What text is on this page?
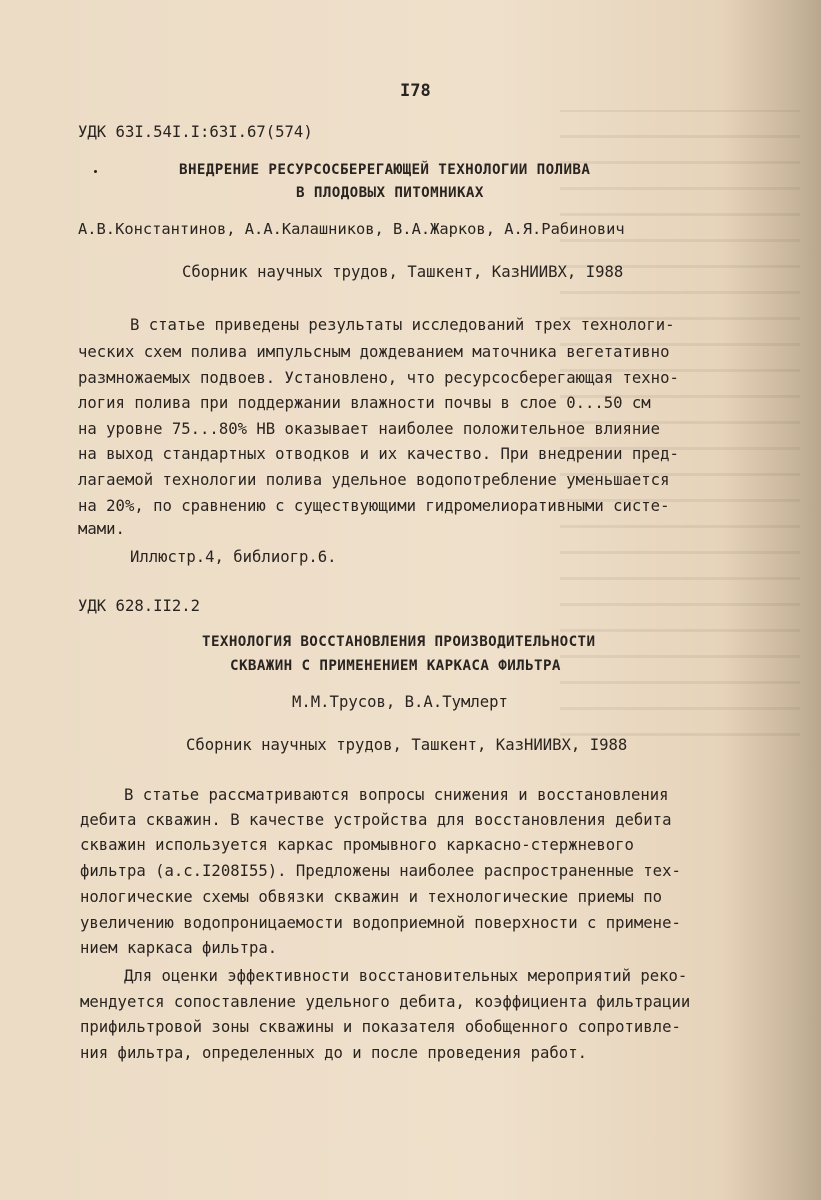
I78
УДК 63I.54I.I:63I.67(574)
ВНЕДРЕНИЕ РЕСУРСОСБЕРЕГАЮЩЕЙ ТЕХНОЛОГИИ ПОЛИВА
В ПЛОДОВЫХ ПИТОМНИКАХ
А.В.Константинов, А.А.Калашников, В.А.Жарков, А.Я.Рабинович
Сборник научных трудов, Ташкент, КазНИИВХ, I988
В статье приведены результаты исследований трех технологи-
ческих схем полива импульсным дождеванием маточника вегетативно
размножаемых подвоев. Установлено, что ресурсосберегающая техно-
логия полива при поддержании влажности почвы в слое 0...50 см
на уровне 75...80% НВ оказывает наиболее положительное влияние
на выход стандартных отводков и их качество. При внедрении пред-
лагаемой технологии полива удельное водопотребление уменьшается
на 20%, по сравнению с существующими гидромелиоративными систе-
мами.
Иллюстр.4, библиогр.6.
УДК 628.II2.2
ТЕХНОЛОГИЯ ВОССТАНОВЛЕНИЯ ПРОИЗВОДИТЕЛЬНОСТИ
СКВАЖИН С ПРИМЕНЕНИЕМ КАРКАСА ФИЛЬТРА
М.М.Трусов, В.А.Тумлерт
Сборник научных трудов, Ташкент, КазНИИВХ, I988
В статье рассматриваются вопросы снижения и восстановления
дебита скважин. В качестве устройства для восстановления дебита
скважин используется каркас промывного каркасно-стержневого
фильтра (а.с.I208I55). Предложены наиболее распространенные тех-
нологические схемы обвязки скважин и технологические приемы по
увеличению водопроницаемости водоприемной поверхности с примене-
нием каркаса фильтра.
Для оценки эффективности восстановительных мероприятий реко-
мендуется сопоставление удельного дебита, коэффициента фильтрации
прифильтровой зоны скважины и показателя обобщенного сопротивле-
ния фильтра, определенных до и после проведения работ.
